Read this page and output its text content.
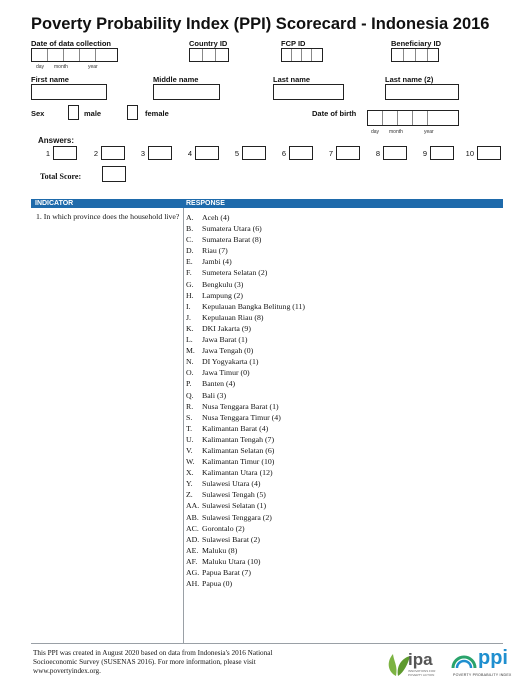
Poverty Probability Index (PPI) Scorecard - Indonesia 2016
Date of data collection	Country ID	FCP ID	Beneficiary ID
day month	year
First name	Middle name	Last name	Last name (2)
Sex	male	female	Date of birth
day month	year
Answers:
1	2	3	4	5	6	7	8	9	10
Total Score:
INDICATOR	RESPONSE
1. In which province does the household live? A.	Aceh (4)
B.	Sumatera Utara (6)
C.	Sumatera Barat (8)
D.	Riau (7)
E.	Jambi (4)
F.	Sumetera Selatan (2)
G.	Bengkulu (3)
H.	Lampung (2)
I.	Kepulauan Bangka Belitung (11)
J.	Kepulauan Riau (8)
K.	DKI Jakarta (9)
L.	Jawa Barat (1)
M. Jawa Tengah (0)
N.	DI Yogyakarta (1)
O.	Jawa Timur (0)
P.	Banten (4)
Q.	Bali (3)
R.	Nusa Tenggara Barat (1)
S.	Nusa Tenggara Timur (4)
T.	Kalimantan Barat (4)
U.	Kalimantan Tengah (7)
V.	Kalimantan Selatan (6)
W. Kalimantan Timur (10)
X.	Kalimantan Utara (12)
Y.	Sulawesi Utara (4)
Z.	Sulawesi Tengah (5)
AA. Sulawesi Selatan (1)
AB. Sulawesi Tenggara (2)
AC. Gorontalo (2)
AD. Sulawesi Barat (2)
AE. Maluku (8)
AF. Maluku Utara (10)
AG. Papua Barat (7)
AH. Papua (0)
This PPI was created in August 2020 based on data from Indonesia's 2016 National Socioeconomic Survey (SUSENAS 2016). For more information, please visit www.povertyindex.org.
ipa
INNOVATIONS FOR POVERTY ACTION
ppi
POVERTY PROBABILITY INDEX
